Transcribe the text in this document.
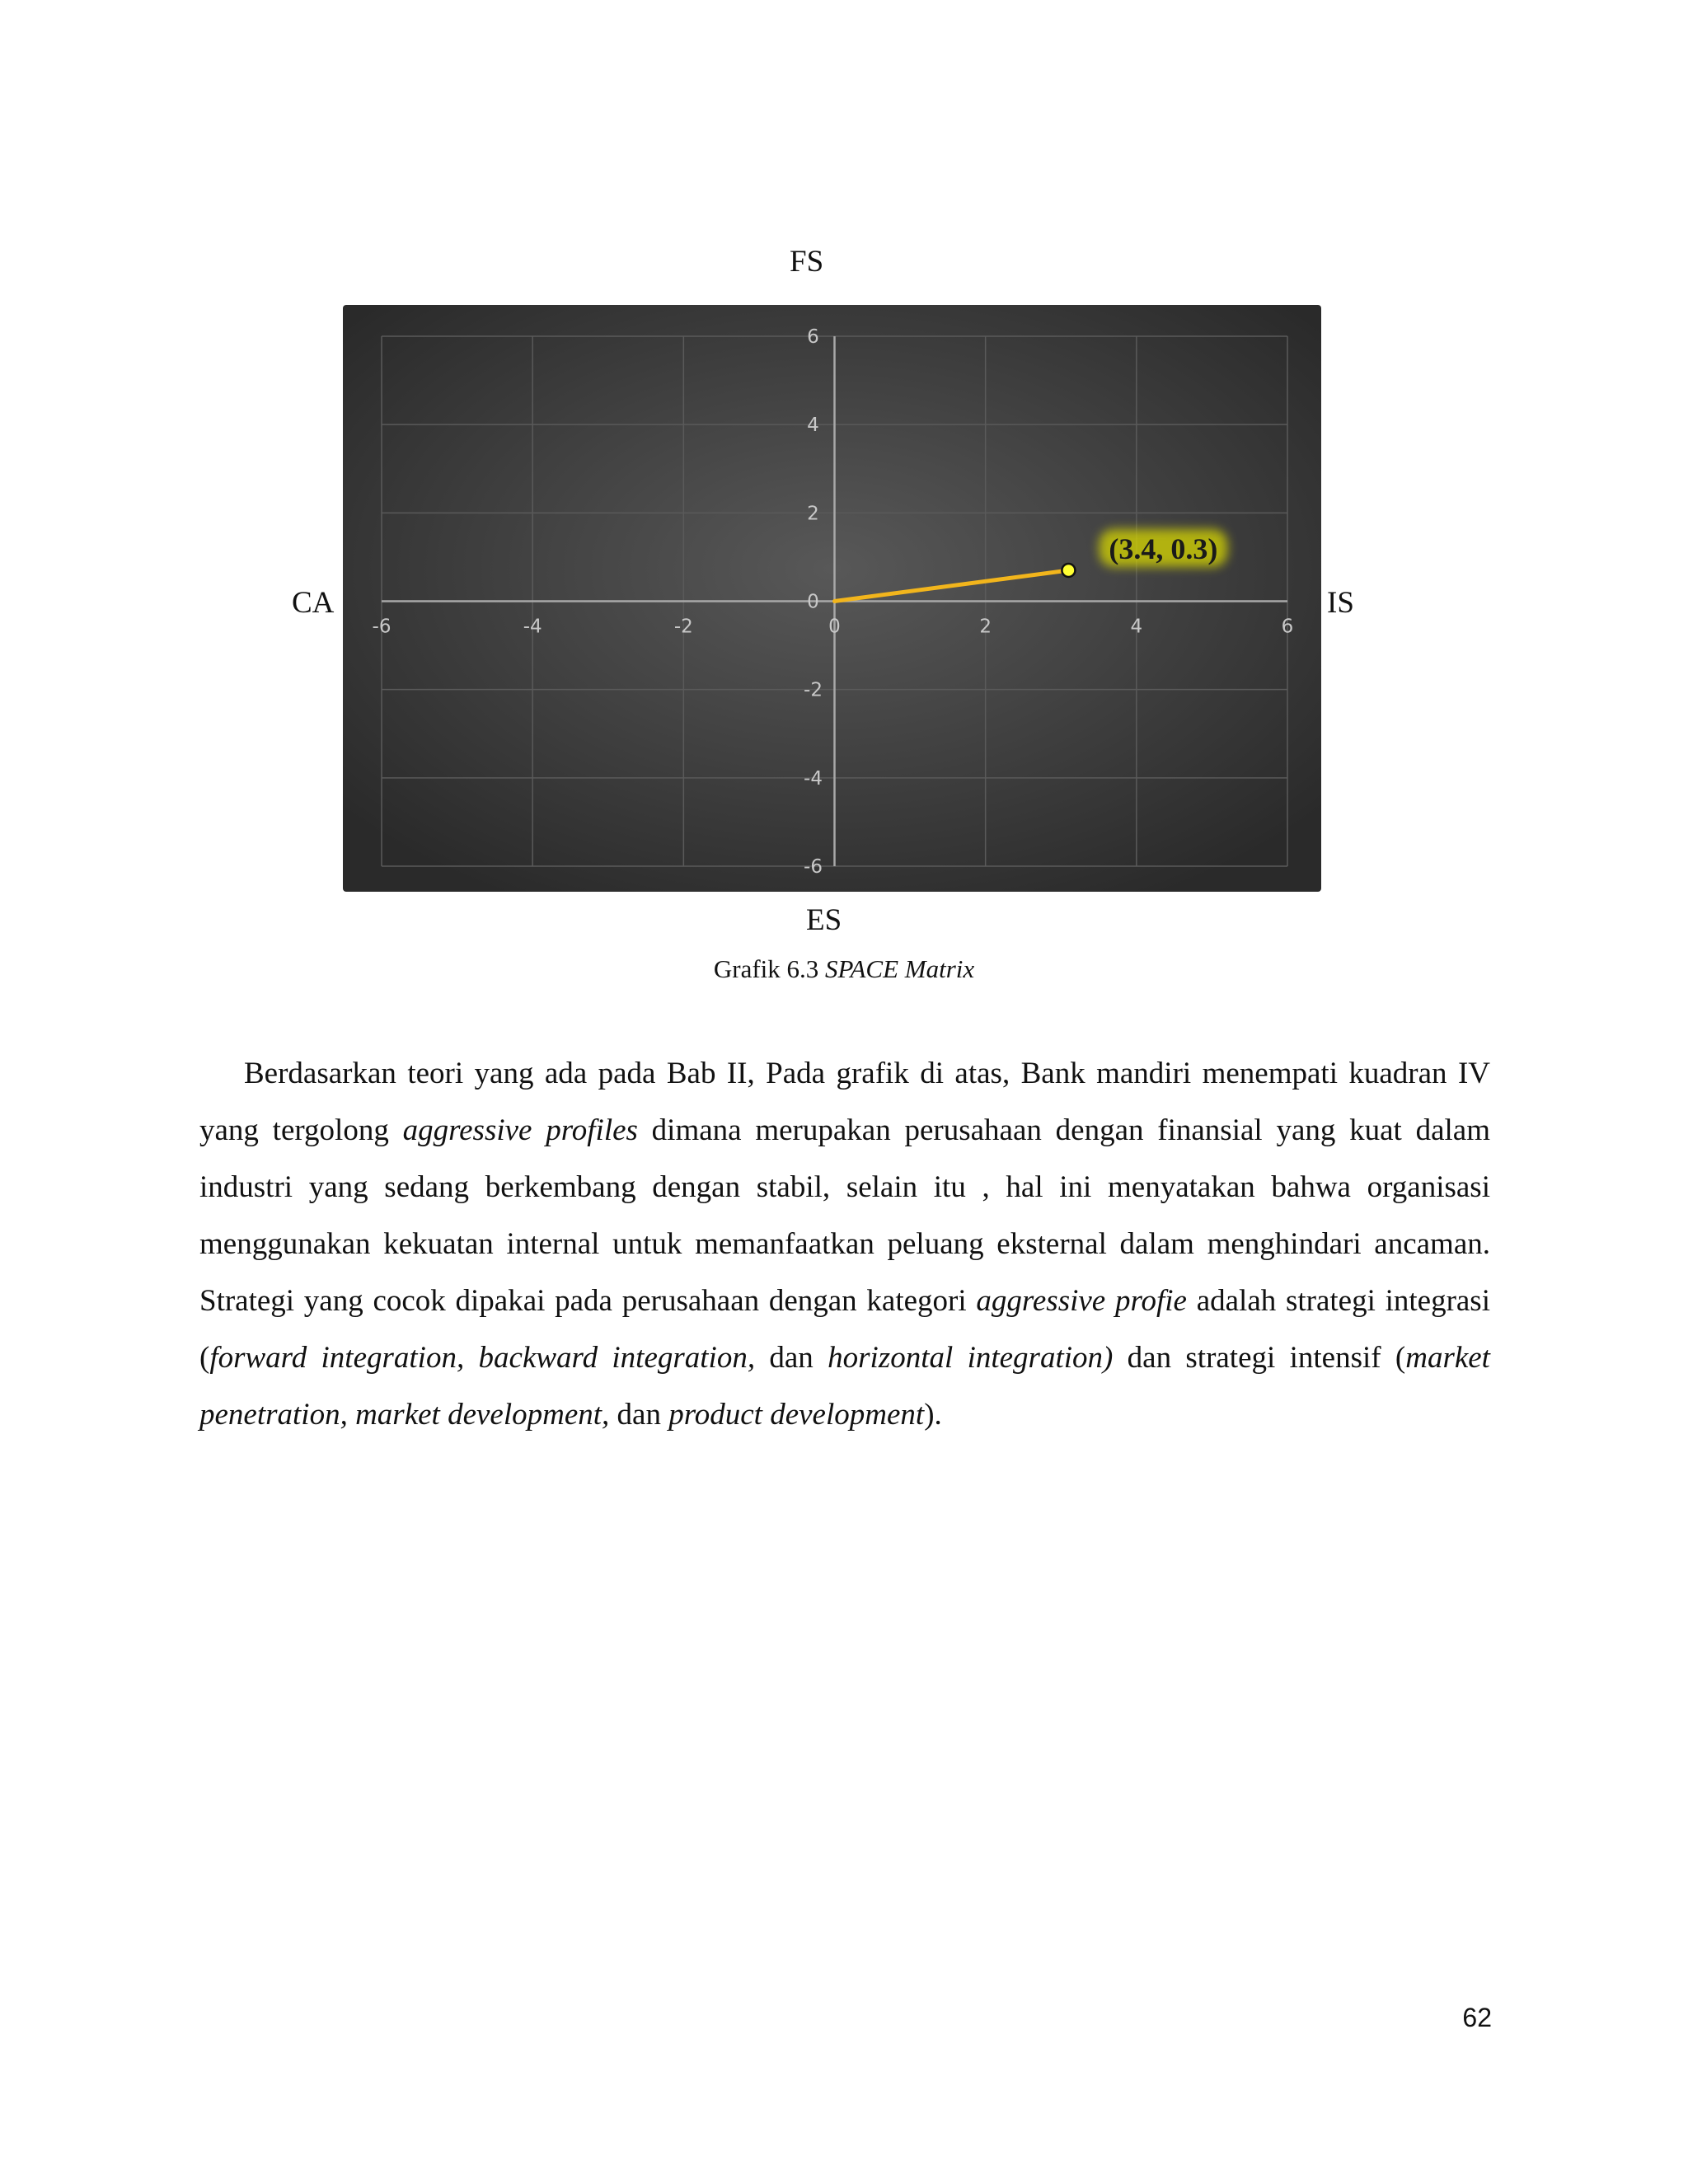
FS
CA	IS
ES
-6	-4	-2	0	2	4	6
-6
-4
-2
0
2
4
6
(3.4, 0.3)
Grafik 6.3 SPACE Matrix

Berdasarkan teori yang ada pada Bab II, Pada grafik di atas, Bank mandiri menempati kuadran IV yang tergolong aggressive profiles dimana merupakan perusahaan dengan finansial yang kuat dalam industri yang sedang berkembang dengan stabil, selain itu , hal ini menyatakan bahwa organisasi menggunakan kekuatan internal untuk memanfaatkan peluang eksternal dalam menghindari ancaman. Strategi yang cocok dipakai pada perusahaan dengan kategori aggressive profie adalah strategi integrasi (forward integration, backward integration, dan horizontal integration) dan strategi intensif (market penetration, market development, dan product development).

62
